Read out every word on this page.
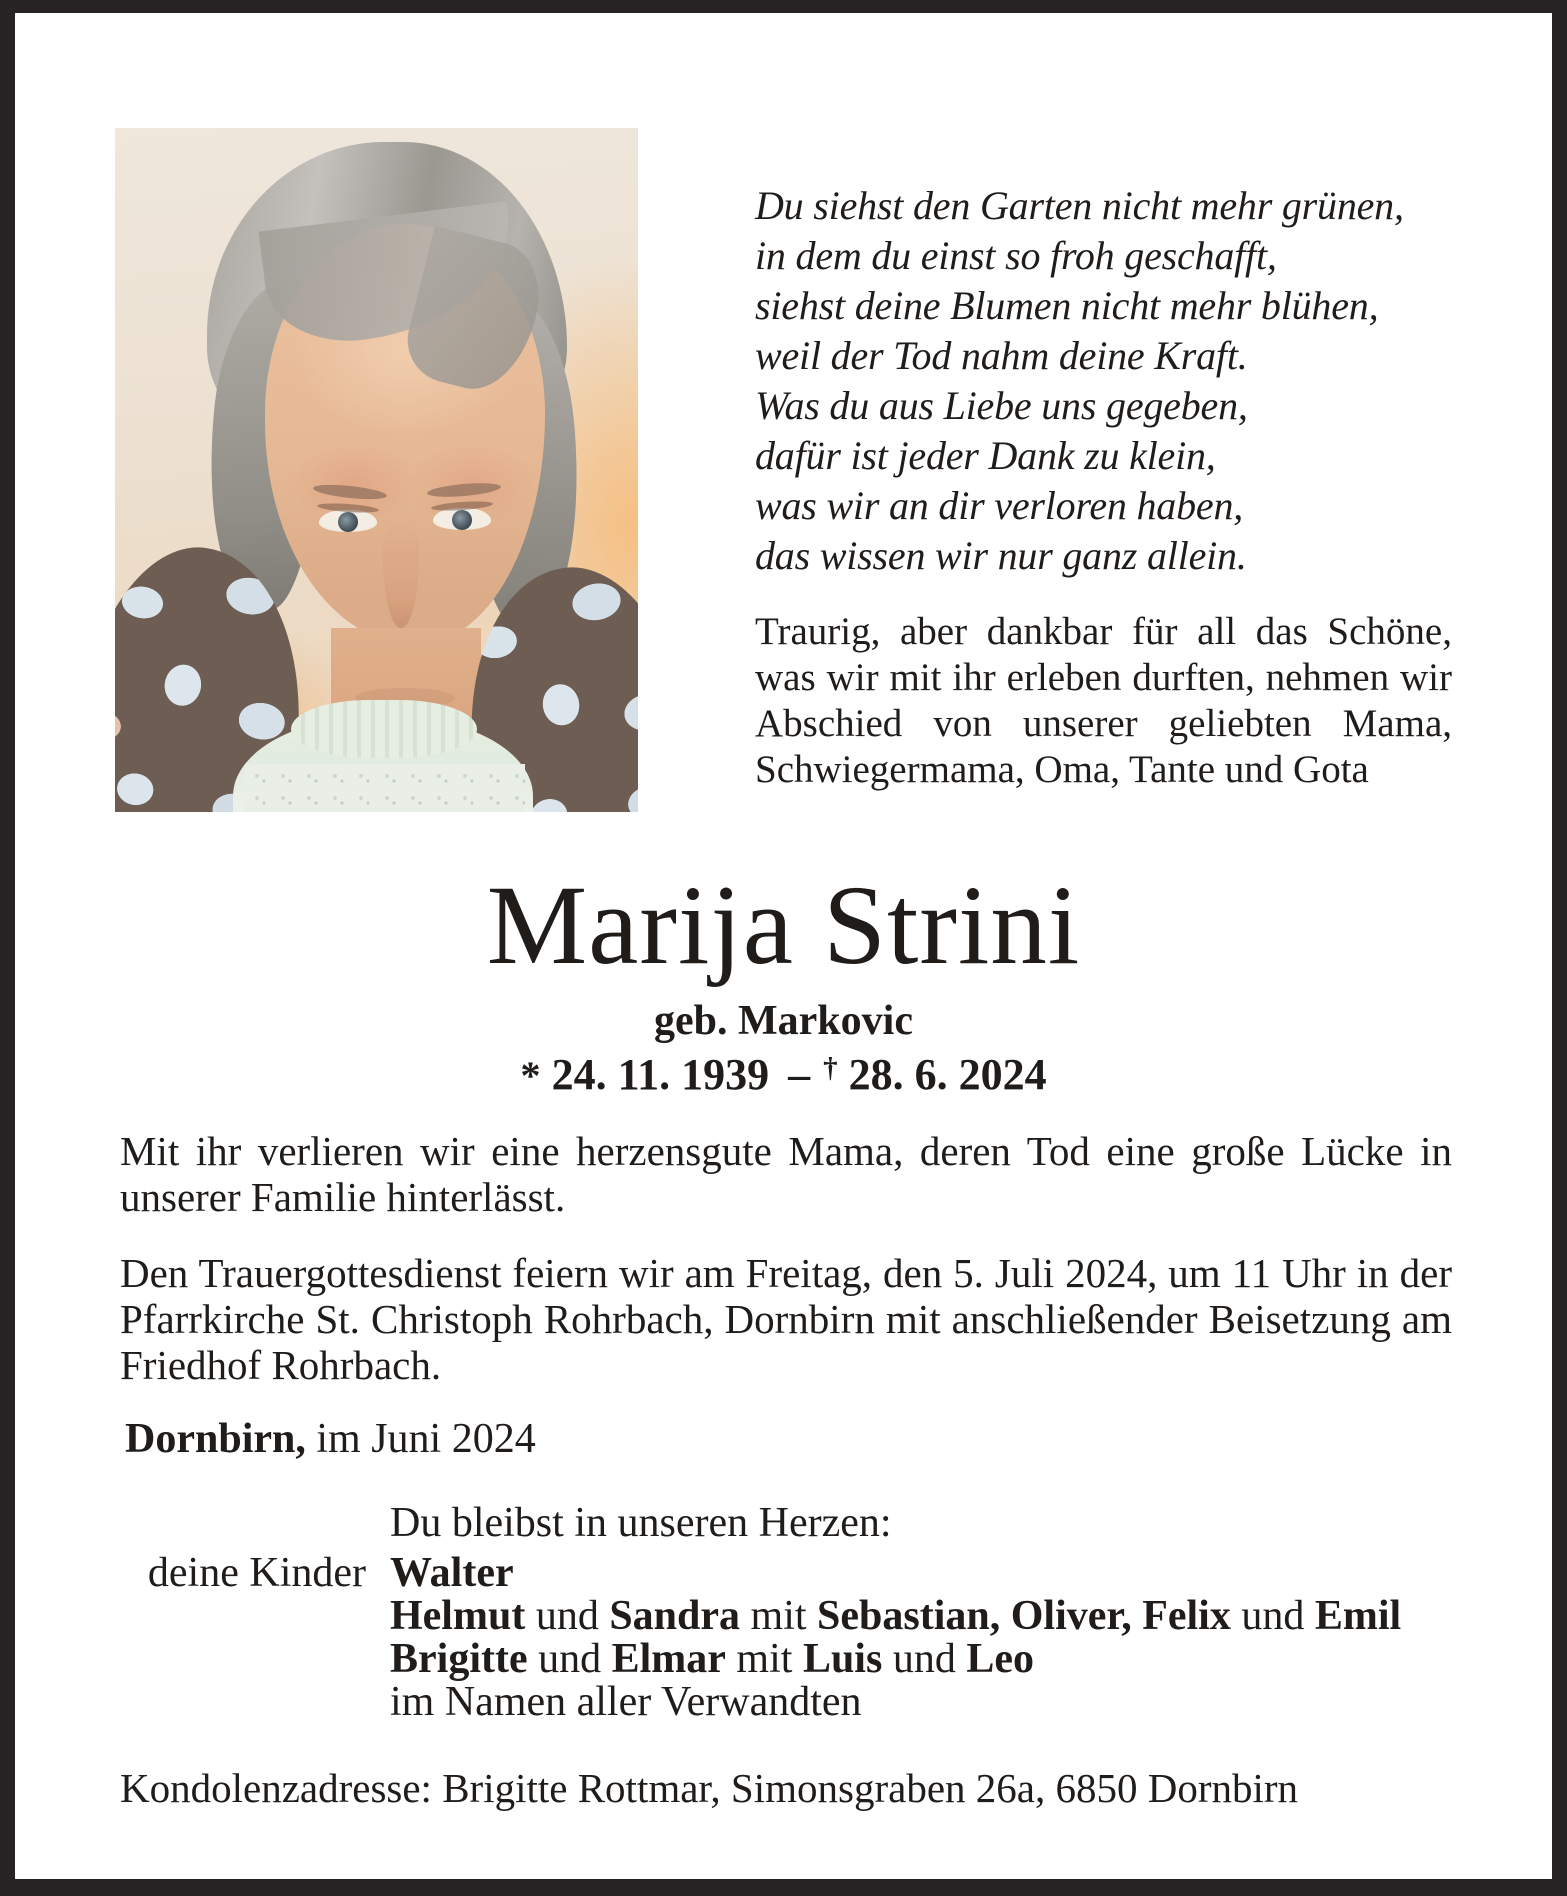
Du siehst den Garten nicht mehr grünen,
in dem du einst so froh geschafft,
siehst deine Blumen nicht mehr blühen,
weil der Tod nahm deine Kraft.
Was du aus Liebe uns gegeben,
dafür ist jeder Dank zu klein,
was wir an dir verloren haben,
das wissen wir nur ganz allein.
Traurig, aber dankbar für all das Schöne, was wir mit ihr erleben durften, nehmen wir Abschied von unserer geliebten Mama, Schwiegermama, Oma, Tante und Gota
Marija Strini
geb. Markovic
* 24. 11. 1939 – † 28. 6. 2024

Mit ihr verlieren wir eine herzensgute Mama, deren Tod eine große Lücke in unserer Familie hinterlässt.

Den Trauergottesdienst feiern wir am Freitag, den 5. Juli 2024, um 11 Uhr in der Pfarrkirche St. Christoph Rohrbach, Dornbirn mit anschließender Beisetzung am Friedhof Rohrbach.

Dornbirn, im Juni 2024
Du bleibst in unseren Herzen:
deine Kinder Walter
Helmut und Sandra mit Sebastian, Oliver, Felix und Emil
Brigitte und Elmar mit Luis und Leo
im Namen aller Verwandten
Kondolenzadresse: Brigitte Rottmar, Simonsgraben 26a, 6850 Dornbirn
